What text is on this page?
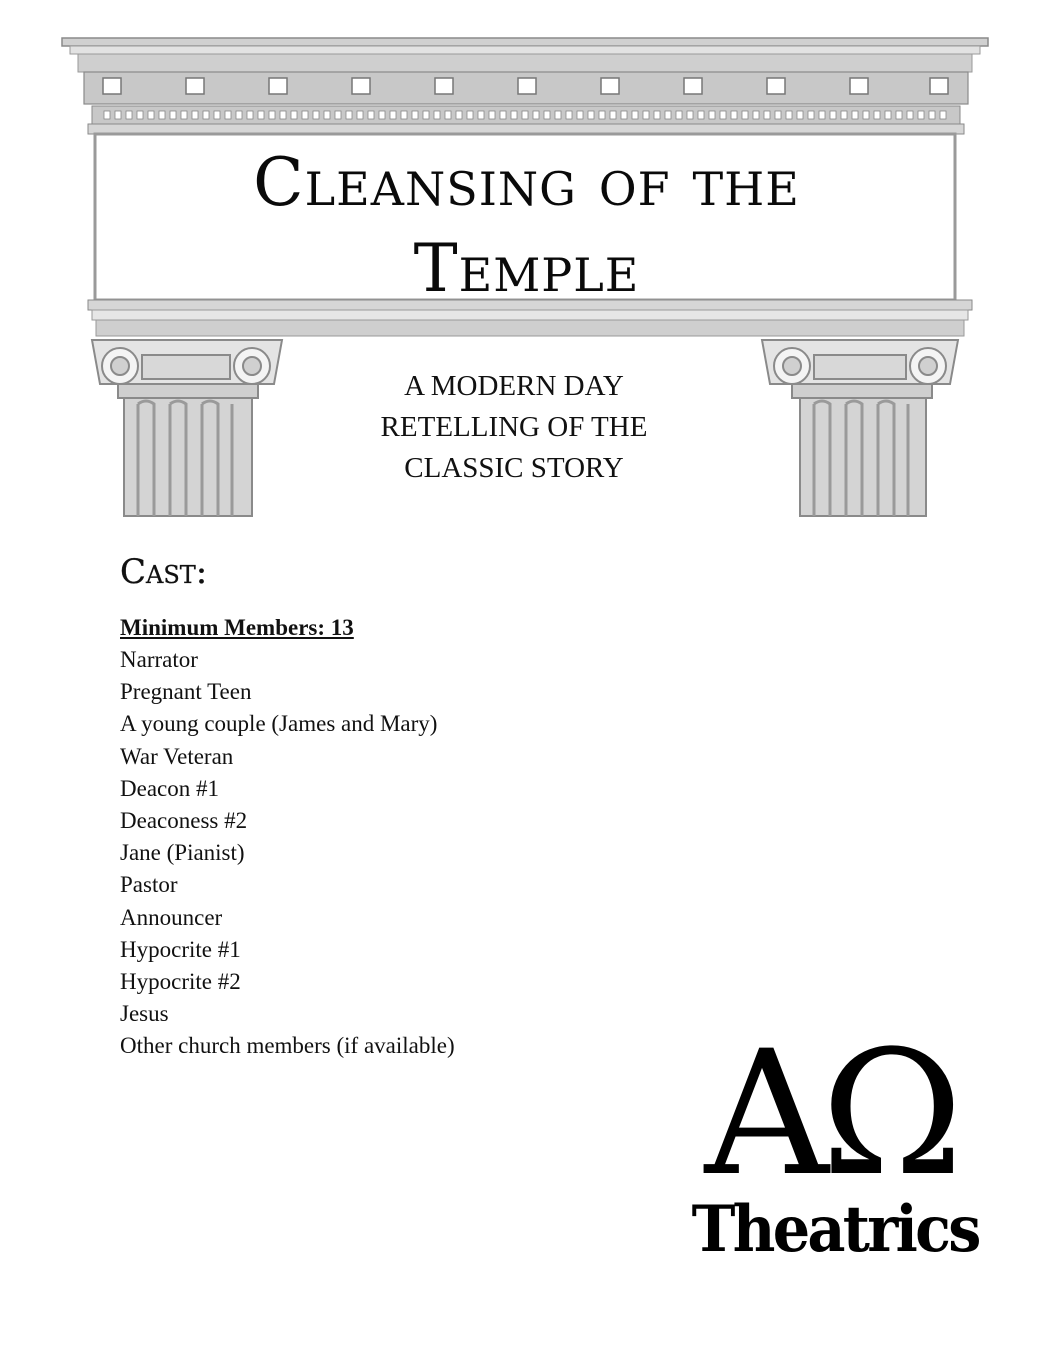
Cleansing of the
Temple

A MODERN DAY
RETELLING OF THE
CLASSIC STORY

Cast:
Minimum Members: 13
Narrator
Pregnant Teen
A young couple (James and Mary)
War Veteran
Deacon #1
Deaconess #2
Jane (Pianist)
Pastor
Announcer
Hypocrite #1
Hypocrite #2
Jesus
Other church members (if available) AΩ
Theatrics
